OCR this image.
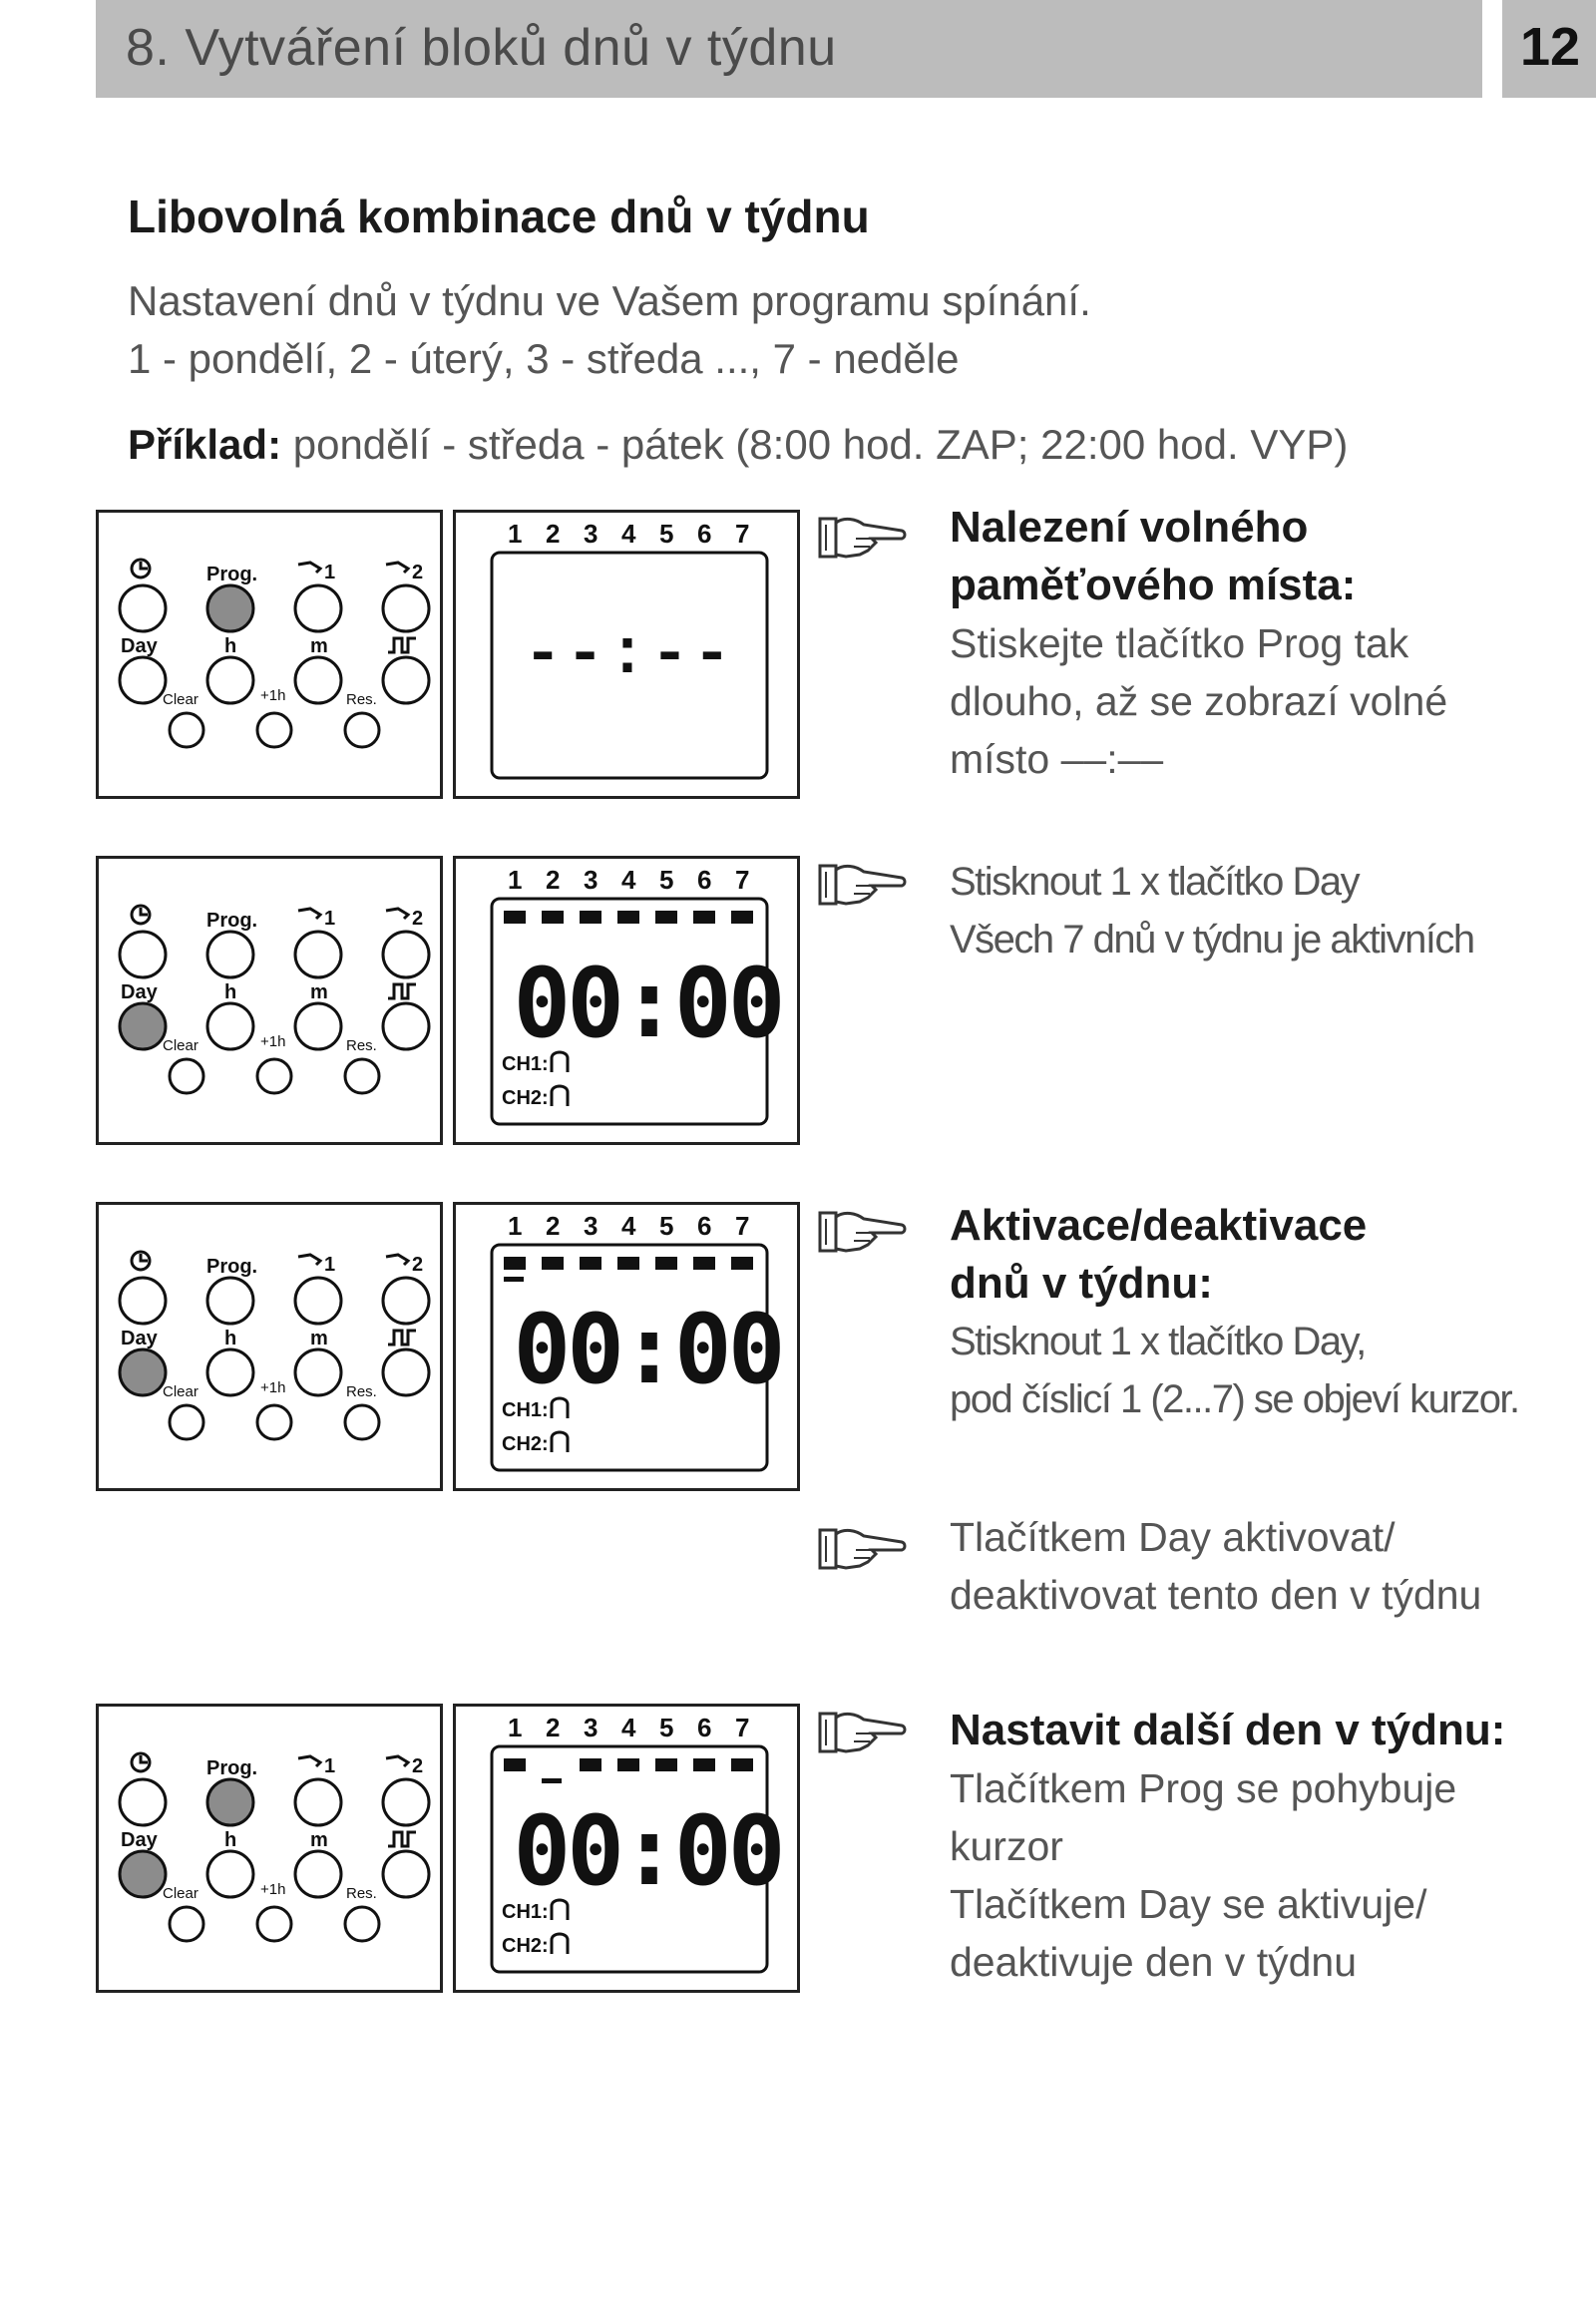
8. Vytváření bloků dnů v týdnu	12
Libovolná kombinace dnů v týdnu
Nastavení dnů v týdnu ve Vašem programu spínání.
1 - pondělí, 2 - úterý, 3 - středa ..., 7 - neděle
Příklad: pondělí - středa - pátek (8:00 hod. ZAP; 22:00 hod. VYP)
Prog.	1	2
Day	h	m
Clear	+1h	Res.
1 2 3 4 5 6 7
--:--
Prog.	1	2
Day	h	m
Clear	+1h	Res.
1 2 3 4 5 6 7
00:00
CH1:
CH2:
Prog.	1	2
Day	h	m
Clear	+1h	Res.
1 2 3 4 5 6 7
00:00
CH1:
CH2:
Prog.	1	2
Day	h	m
Clear	+1h	Res.
1 2 3 4 5 6 7
00:00
CH1:
CH2:
Nalezení volného
paměťového místa:
Stiskejte tlačítko Prog tak
dlouho, až se zobrazí volné
místo ––:––
Stisknout 1 x tlačítko Day
Všech 7 dnů v týdnu je aktivních
Aktivace/deaktivace
dnů v týdnu:
Stisknout 1 x tlačítko Day,
pod číslicí 1 (2...7) se objeví kurzor.
Tlačítkem Day aktivovat/
deaktivovat tento den v týdnu
Nastavit další den v týdnu:
Tlačítkem Prog se pohybuje
kurzor
Tlačítkem Day se aktivuje/
deaktivuje den v týdnu
